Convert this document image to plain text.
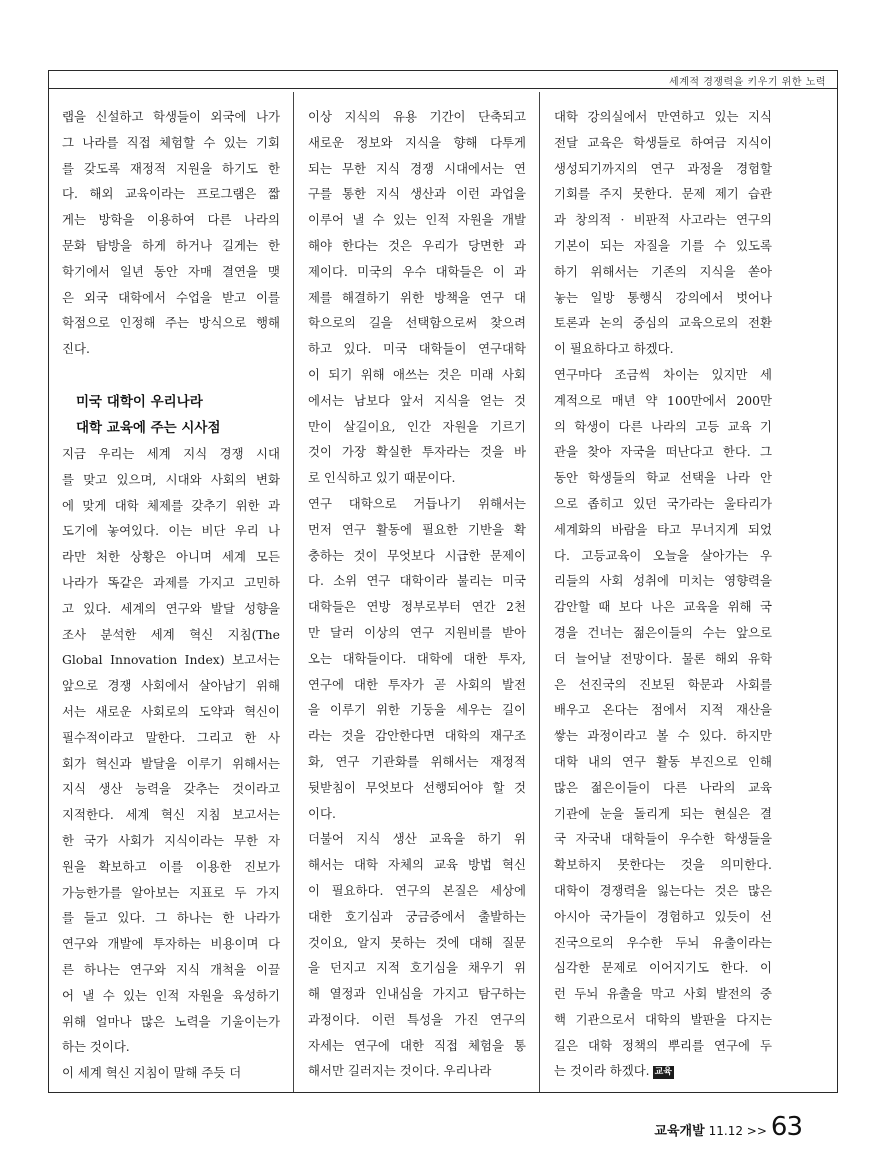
세계적 경쟁력을 키우기 위한 노력
랩을 신설하고 학생들이 외국에 나가
그 나라를 직접 체험할 수 있는 기회
를 갖도록 재정적 지원을 하기도 한
다. 해외 교육이라는 프로그램은 짧
게는 방학을 이용하여 다른 나라의
문화 탐방을 하게 하거나 길게는 한
학기에서 일년 동안 자매 결연을 맺
은 외국 대학에서 수업을 받고 이를
학점으로 인정해 주는 방식으로 행해
진다.
미국 대학이 우리나라
대학 교육에 주는 시사점
지금 우리는 세계 지식 경쟁 시대
를 맞고 있으며, 시대와 사회의 변화
에 맞게 대학 체제를 갖추기 위한 과
도기에 놓여있다. 이는 비단 우리 나
라만 처한 상황은 아니며 세계 모든
나라가 똑같은 과제를 가지고 고민하
고 있다. 세계의 연구와 발달 성향을
조사 분석한 세계 혁신 지침(The
Global Innovation Index) 보고서는
앞으로 경쟁 사회에서 살아남기 위해
서는 새로운 사회로의 도약과 혁신이
필수적이라고 말한다. 그리고 한 사
회가 혁신과 발달을 이루기 위해서는
지식 생산 능력을 갖추는 것이라고
지적한다. 세계 혁신 지침 보고서는
한 국가 사회가 지식이라는 무한 자
원을 확보하고 이를 이용한 진보가
가능한가를 알아보는 지표로 두 가지
를 들고 있다. 그 하나는 한 나라가
연구와 개발에 투자하는 비용이며 다
른 하나는 연구와 지식 개척을 이끌
어 낼 수 있는 인적 자원을 육성하기
위해 얼마나 많은 노력을 기울이는가
하는 것이다.
이 세계 혁신 지침이 말해 주듯 더
이상 지식의 유용 기간이 단축되고
새로운 정보와 지식을 향해 다투게
되는 무한 지식 경쟁 시대에서는 연
구를 통한 지식 생산과 이런 과업을
이루어 낼 수 있는 인적 자원을 개발
해야 한다는 것은 우리가 당면한 과
제이다. 미국의 우수 대학들은 이 과
제를 해결하기 위한 방책을 연구 대
학으로의 길을 선택함으로써 찾으려
하고 있다. 미국 대학들이 연구대학
이 되기 위해 애쓰는 것은 미래 사회
에서는 남보다 앞서 지식을 얻는 것
만이 살길이요, 인간 자원을 기르기
것이 가장 확실한 투자라는 것을 바
로 인식하고 있기 때문이다.
연구 대학으로 거듭나기 위해서는
먼저 연구 활동에 필요한 기반을 확
충하는 것이 무엇보다 시급한 문제이
다. 소위 연구 대학이라 불리는 미국
대학들은 연방 정부로부터 연간 2천
만 달러 이상의 연구 지원비를 받아
오는 대학들이다. 대학에 대한 투자,
연구에 대한 투자가 곧 사회의 발전
을 이루기 위한 기둥을 세우는 길이
라는 것을 감안한다면 대학의 재구조
화, 연구 기관화를 위해서는 재정적
뒷받침이 무엇보다 선행되어야 할 것
이다.
더불어 지식 생산 교육을 하기 위
해서는 대학 자체의 교육 방법 혁신
이 필요하다. 연구의 본질은 세상에
대한 호기심과 궁금증에서 출발하는
것이요, 알지 못하는 것에 대해 질문
을 던지고 지적 호기심을 채우기 위
해 열정과 인내심을 가지고 탐구하는
과정이다. 이런 특성을 가진 연구의
자세는 연구에 대한 직접 체험을 통
해서만 길러지는 것이다. 우리나라
대학 강의실에서 만연하고 있는 지식
전달 교육은 학생들로 하여금 지식이
생성되기까지의 연구 과정을 경험할
기회를 주지 못한다. 문제 제기 습관
과 창의적 · 비판적 사고라는 연구의
기본이 되는 자질을 기를 수 있도록
하기 위해서는 기존의 지식을 쏟아
놓는 일방 통행식 강의에서 벗어나
토론과 논의 중심의 교육으로의 전환
이 필요하다고 하겠다.
연구마다 조금씩 차이는 있지만 세
계적으로 매년 약 100만에서 200만
의 학생이 다른 나라의 고등 교육 기
관을 찾아 자국을 떠난다고 한다. 그
동안 학생들의 학교 선택을 나라 안
으로 좁히고 있던 국가라는 울타리가
세계화의 바람을 타고 무너지게 되었
다. 고등교육이 오늘을 살아가는 우
리들의 사회 성취에 미치는 영향력을
감안할 때 보다 나은 교육을 위해 국
경을 건너는 젊은이들의 수는 앞으로
더 늘어날 전망이다. 물론 해외 유학
은 선진국의 진보된 학문과 사회를
배우고 온다는 점에서 지적 재산을
쌓는 과정이라고 볼 수 있다. 하지만
대학 내의 연구 활동 부진으로 인해
많은 젊은이들이 다른 나라의 교육
기관에 눈을 돌리게 되는 현실은 결
국 자국내 대학들이 우수한 학생들을
확보하지 못한다는 것을 의미한다.
대학이 경쟁력을 잃는다는 것은 많은
아시아 국가들이 경험하고 있듯이 선
진국으로의 우수한 두뇌 유출이라는
심각한 문제로 이어지기도 한다. 이
런 두뇌 유출을 막고 사회 발전의 중
핵 기관으로서 대학의 발판을 다지는
길은 대학 정책의 뿌리를 연구에 두
는 것이라 하겠다. 교육
교육개발 11.12 >> 63
